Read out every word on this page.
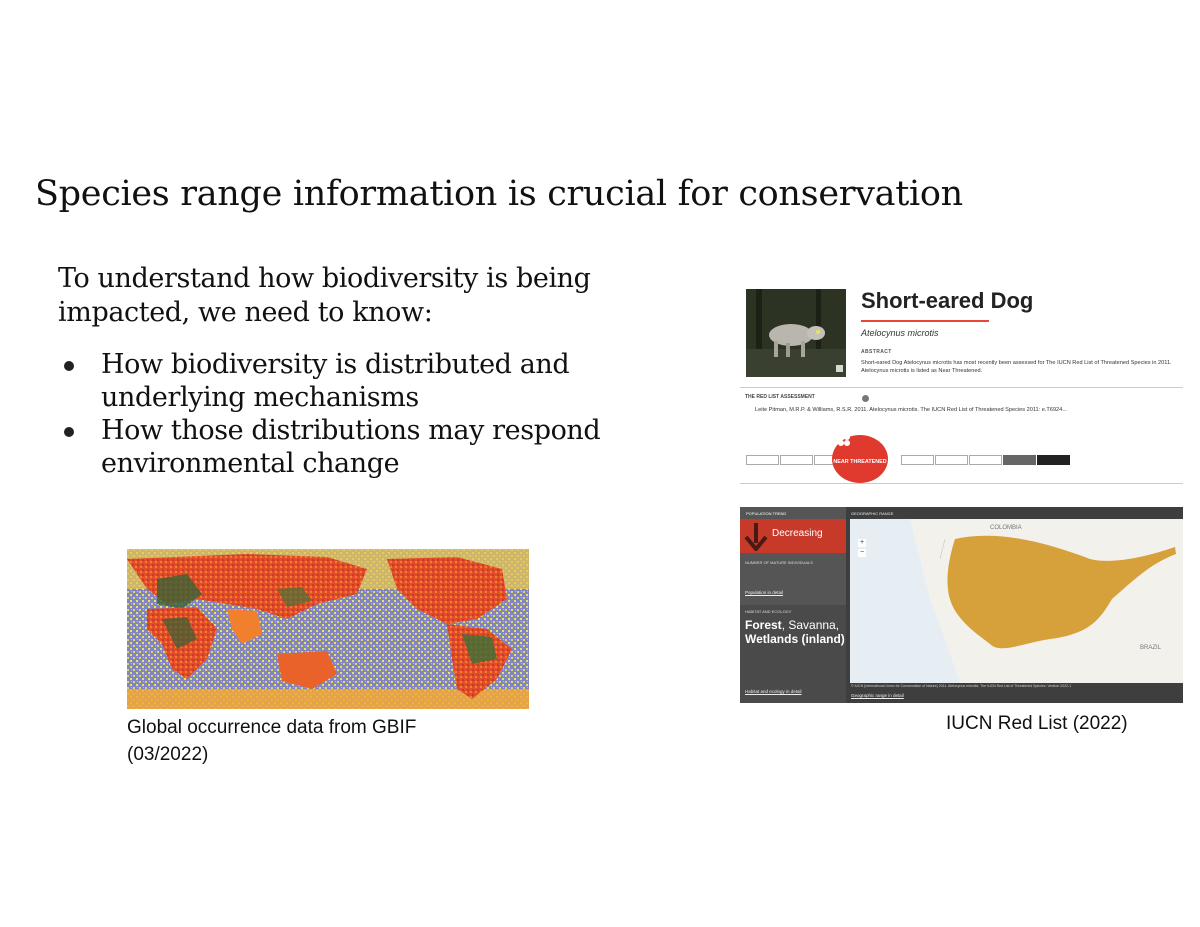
Species range information is crucial for conservation
To understand how biodiversity is being impacted, we need to know:
How biodiversity is distributed and underlying mechanisms
How those distributions may respond environmental change
Global occurrence data from GBIF
(03/2022)
Short-eared Dog
Atelocynus microtis
ABSTRACT
Short-eared Dog Atelocynus microtis has most recently been assessed for The IUCN Red List of Threatened Species in 2011. Atelocynus microtis is listed as Near Threatened.
THE RED LIST ASSESSMENT
Leite Pitman, M.R.P. & Williams, R.S.R. 2011. Atelocynus microtis. The IUCN Red List of Threatened Species 2011: e.T6924...
NEAR THREATENED
POPULATION TREND
Decreasing
NUMBER OF MATURE INDIVIDUALS
Population in detail
HABITAT AND ECOLOGY
Forest, Savanna, Wetlands (inland)
Habitat and ecology in detail
GEOGRAPHIC RANGE
COLOMBIA
BRAZIL
+
−
© IUCN (International Union for Conservation of Nature) 2011. Atelocynus microtis. The IUCN Red List of Threatened Species. Version 2022-1
Geographic range in detail
IUCN Red List (2022)
